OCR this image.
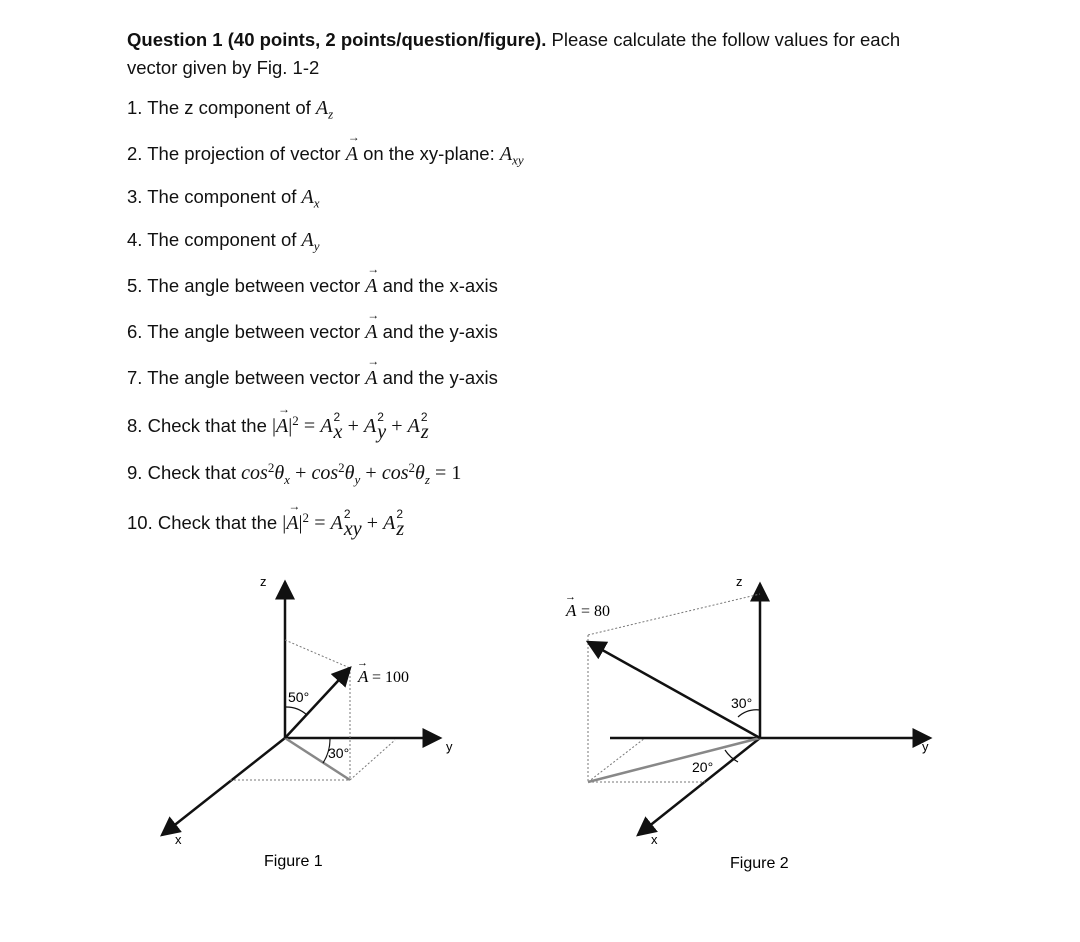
Question 1 (40 points, 2 points/question/figure). Please calculate the follow values for each vector given by Fig. 1-2
1. The z component of $A_z$
2. The projection of vector → A on the xy-plane: $A_{xy}$
3. The component of $A_x$
4. The component of $A_y$
5. The angle between vector → A and the x-axis
6. The angle between vector → A and the y-axis
7. The angle between vector → A and the y-axis
8. Check that the |→ $A|^2 = A$ 2
x + A 2
y + A 2
z
9. Check that $\cos^2\theta_x + \cos^2\theta_y + \cos^2\theta_z = 1$
10. Check that the |→ $A|^2 = A$ 2
xy + A 2
z
z
y
x
50°
30°
A
→
= 100
Figure 1
z
y
x
30°
20°
A
→
= 80
Figure 2
